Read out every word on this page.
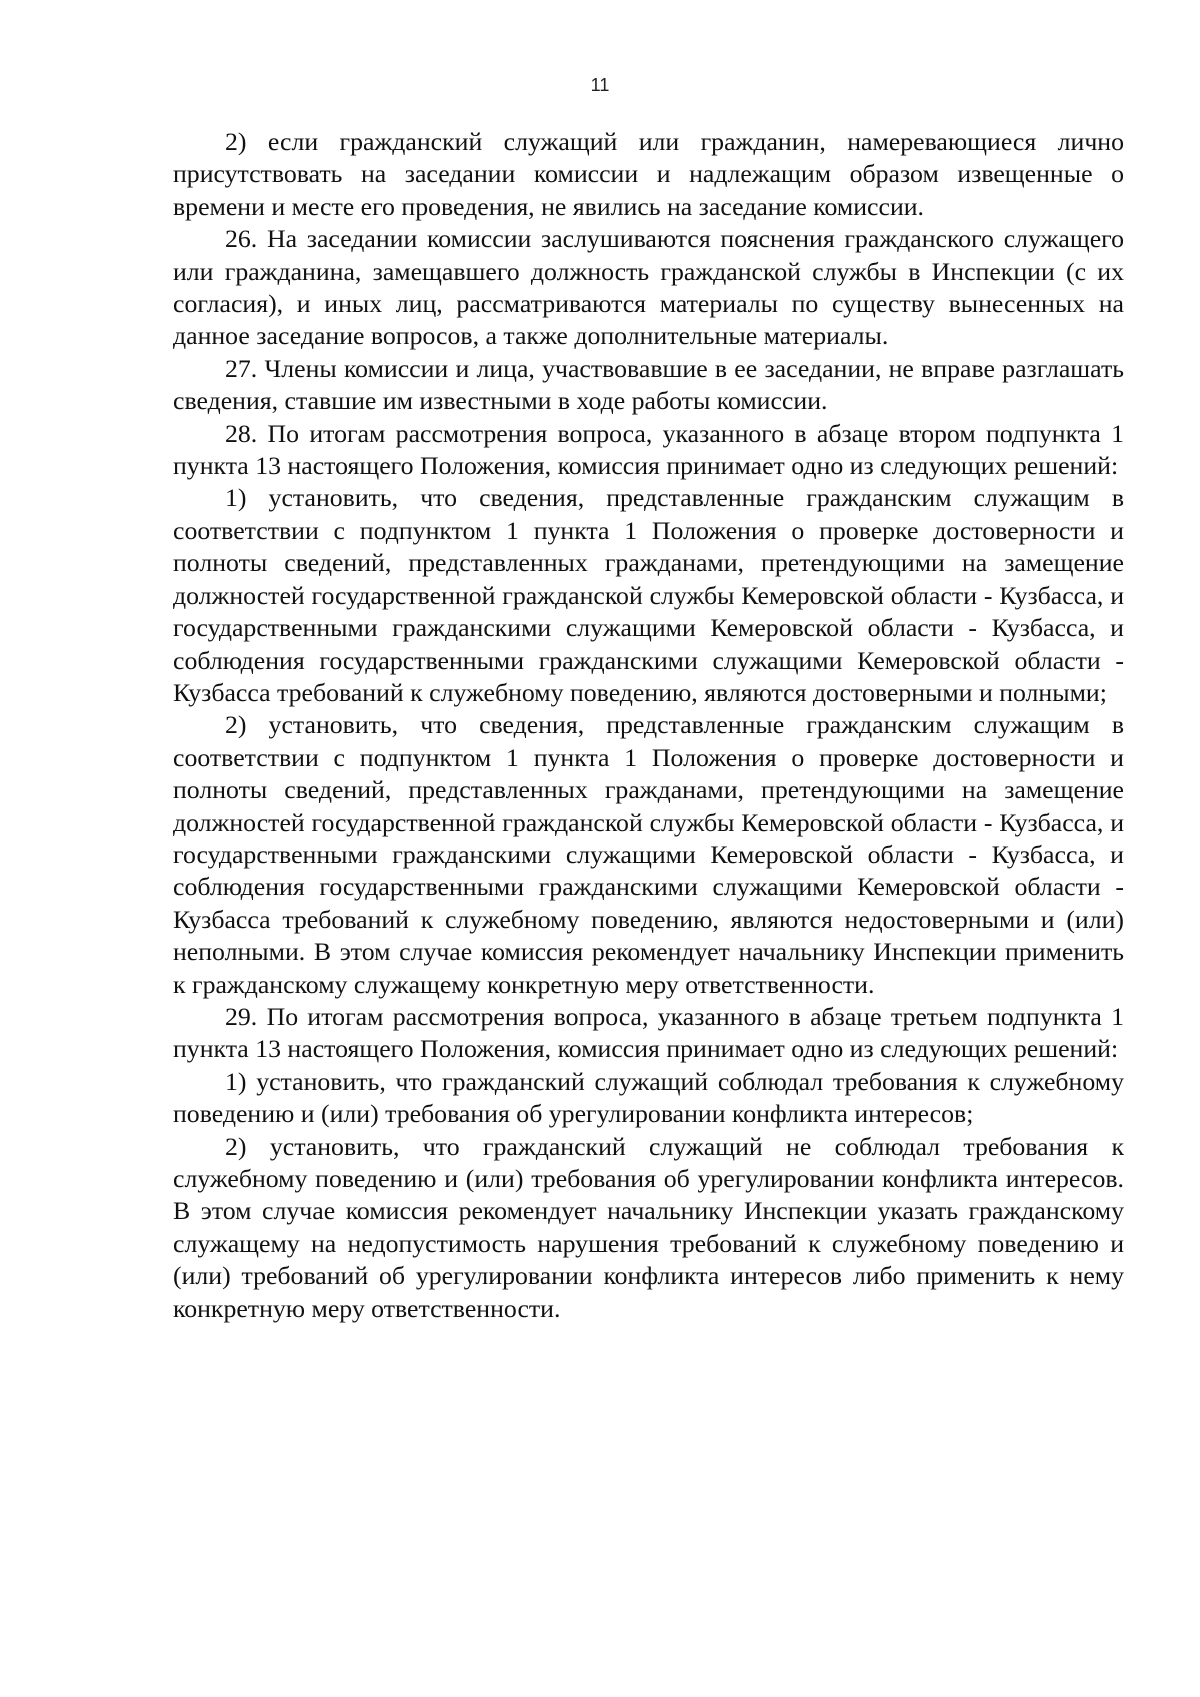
11

2) если гражданский служащий или гражданин, намеревающиеся лично присутствовать на заседании комиссии и надлежащим образом извещенные о времени и месте его проведения, не явились на заседание комиссии.

26. На заседании комиссии заслушиваются пояснения гражданского служащего или гражданина, замещавшего должность гражданской службы в Инспекции (с их согласия), и иных лиц, рассматриваются материалы по существу вынесенных на данное заседание вопросов, а также дополнительные материалы.

27. Члены комиссии и лица, участвовавшие в ее заседании, не вправе разглашать сведения, ставшие им известными в ходе работы комиссии.

28. По итогам рассмотрения вопроса, указанного в абзаце втором подпункта 1 пункта 13 настоящего Положения, комиссия принимает одно из следующих решений:

1) установить, что сведения, представленные гражданским служащим в соответствии с подпунктом 1 пункта 1 Положения о проверке достоверности и полноты сведений, представленных гражданами, претендующими на замещение должностей государственной гражданской службы Кемеровской области - Кузбасса, и государственными гражданскими служащими Кемеровской области - Кузбасса, и соблюдения государственными гражданскими служащими Кемеровской области - Кузбасса требований к служебному поведению, являются достоверными и полными;

2) установить, что сведения, представленные гражданским служащим в соответствии с подпунктом 1 пункта 1 Положения о проверке достоверности и полноты сведений, представленных гражданами, претендующими на замещение должностей государственной гражданской службы Кемеровской области - Кузбасса, и государственными гражданскими служащими Кемеровской области - Кузбасса, и соблюдения государственными гражданскими служащими Кемеровской области - Кузбасса требований к служебному поведению, являются недостоверными и (или) неполными. В этом случае комиссия рекомендует начальнику Инспекции применить к гражданскому служащему конкретную меру ответственности.

29. По итогам рассмотрения вопроса, указанного в абзаце третьем подпункта 1 пункта 13 настоящего Положения, комиссия принимает одно из следующих решений:

1) установить, что гражданский служащий соблюдал требования к служебному поведению и (или) требования об урегулировании конфликта интересов;

2) установить, что гражданский служащий не соблюдал требования к служебному поведению и (или) требования об урегулировании конфликта интересов. В этом случае комиссия рекомендует начальнику Инспекции указать гражданскому служащему на недопустимость нарушения требований к служебному поведению и (или) требований об урегулировании конфликта интересов либо применить к нему конкретную меру ответственности.
